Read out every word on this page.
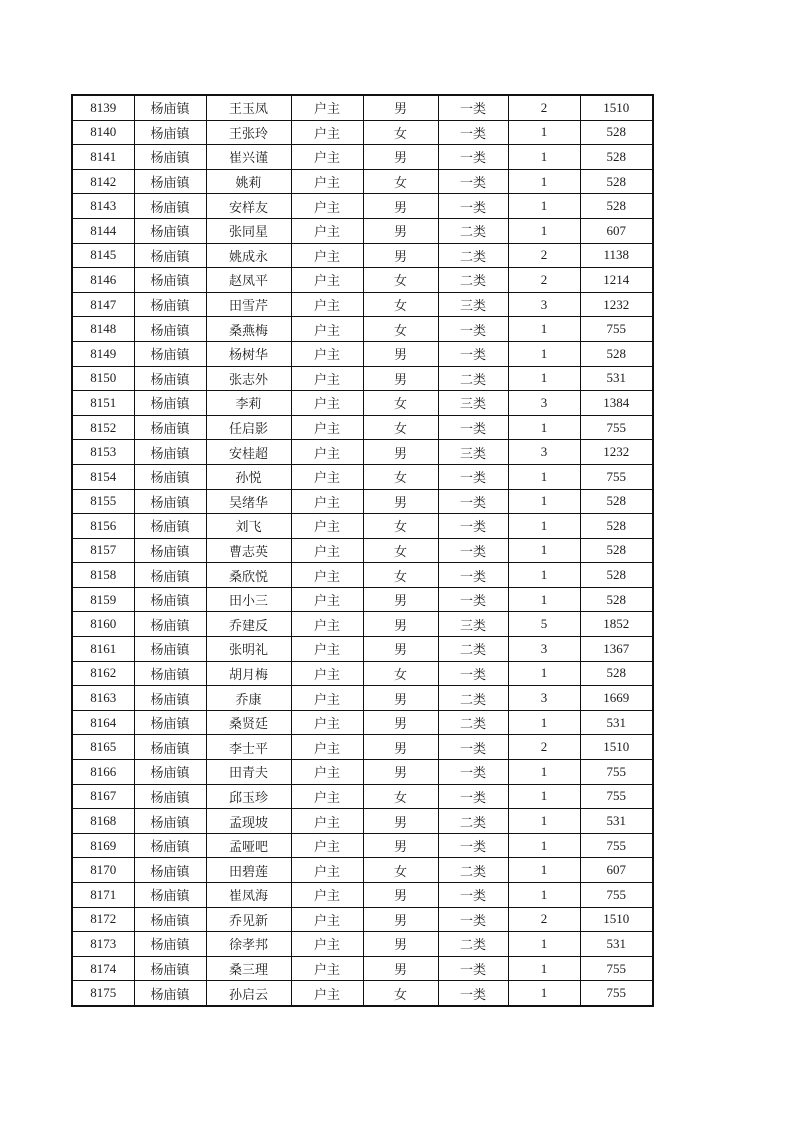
8139	杨庙镇	王玉凤	户主	男	一类	2	1510
8140	杨庙镇	王张玲	户主	女	一类	1	528
8141	杨庙镇	崔兴谨	户主	男	一类	1	528
8142	杨庙镇	姚莉	户主	女	一类	1	528
8143	杨庙镇	安样友	户主	男	一类	1	528
8144	杨庙镇	张同星	户主	男	二类	1	607
8145	杨庙镇	姚成永	户主	男	二类	2	1138
8146	杨庙镇	赵凤平	户主	女	二类	2	1214
8147	杨庙镇	田雪芹	户主	女	三类	3	1232
8148	杨庙镇	桑燕梅	户主	女	一类	1	755
8149	杨庙镇	杨树华	户主	男	一类	1	528
8150	杨庙镇	张志外	户主	男	二类	1	531
8151	杨庙镇	李莉	户主	女	三类	3	1384
8152	杨庙镇	任启影	户主	女	一类	1	755
8153	杨庙镇	安桂超	户主	男	三类	3	1232
8154	杨庙镇	孙悦	户主	女	一类	1	755
8155	杨庙镇	吴绪华	户主	男	一类	1	528
8156	杨庙镇	刘飞	户主	女	一类	1	528
8157	杨庙镇	曹志英	户主	女	一类	1	528
8158	杨庙镇	桑欣悦	户主	女	一类	1	528
8159	杨庙镇	田小三	户主	男	一类	1	528
8160	杨庙镇	乔建反	户主	男	三类	5	1852
8161	杨庙镇	张明礼	户主	男	二类	3	1367
8162	杨庙镇	胡月梅	户主	女	一类	1	528
8163	杨庙镇	乔康	户主	男	二类	3	1669
8164	杨庙镇	桑贤廷	户主	男	二类	1	531
8165	杨庙镇	李士平	户主	男	一类	2	1510
8166	杨庙镇	田青夫	户主	男	一类	1	755
8167	杨庙镇	邱玉珍	户主	女	一类	1	755
8168	杨庙镇	孟现坡	户主	男	二类	1	531
8169	杨庙镇	孟哑吧	户主	男	一类	1	755
8170	杨庙镇	田碧莲	户主	女	二类	1	607
8171	杨庙镇	崔凤海	户主	男	一类	1	755
8172	杨庙镇	乔见新	户主	男	一类	2	1510
8173	杨庙镇	徐孝邦	户主	男	二类	1	531
8174	杨庙镇	桑三理	户主	男	一类	1	755
8175	杨庙镇	孙启云	户主	女	一类	1	755
